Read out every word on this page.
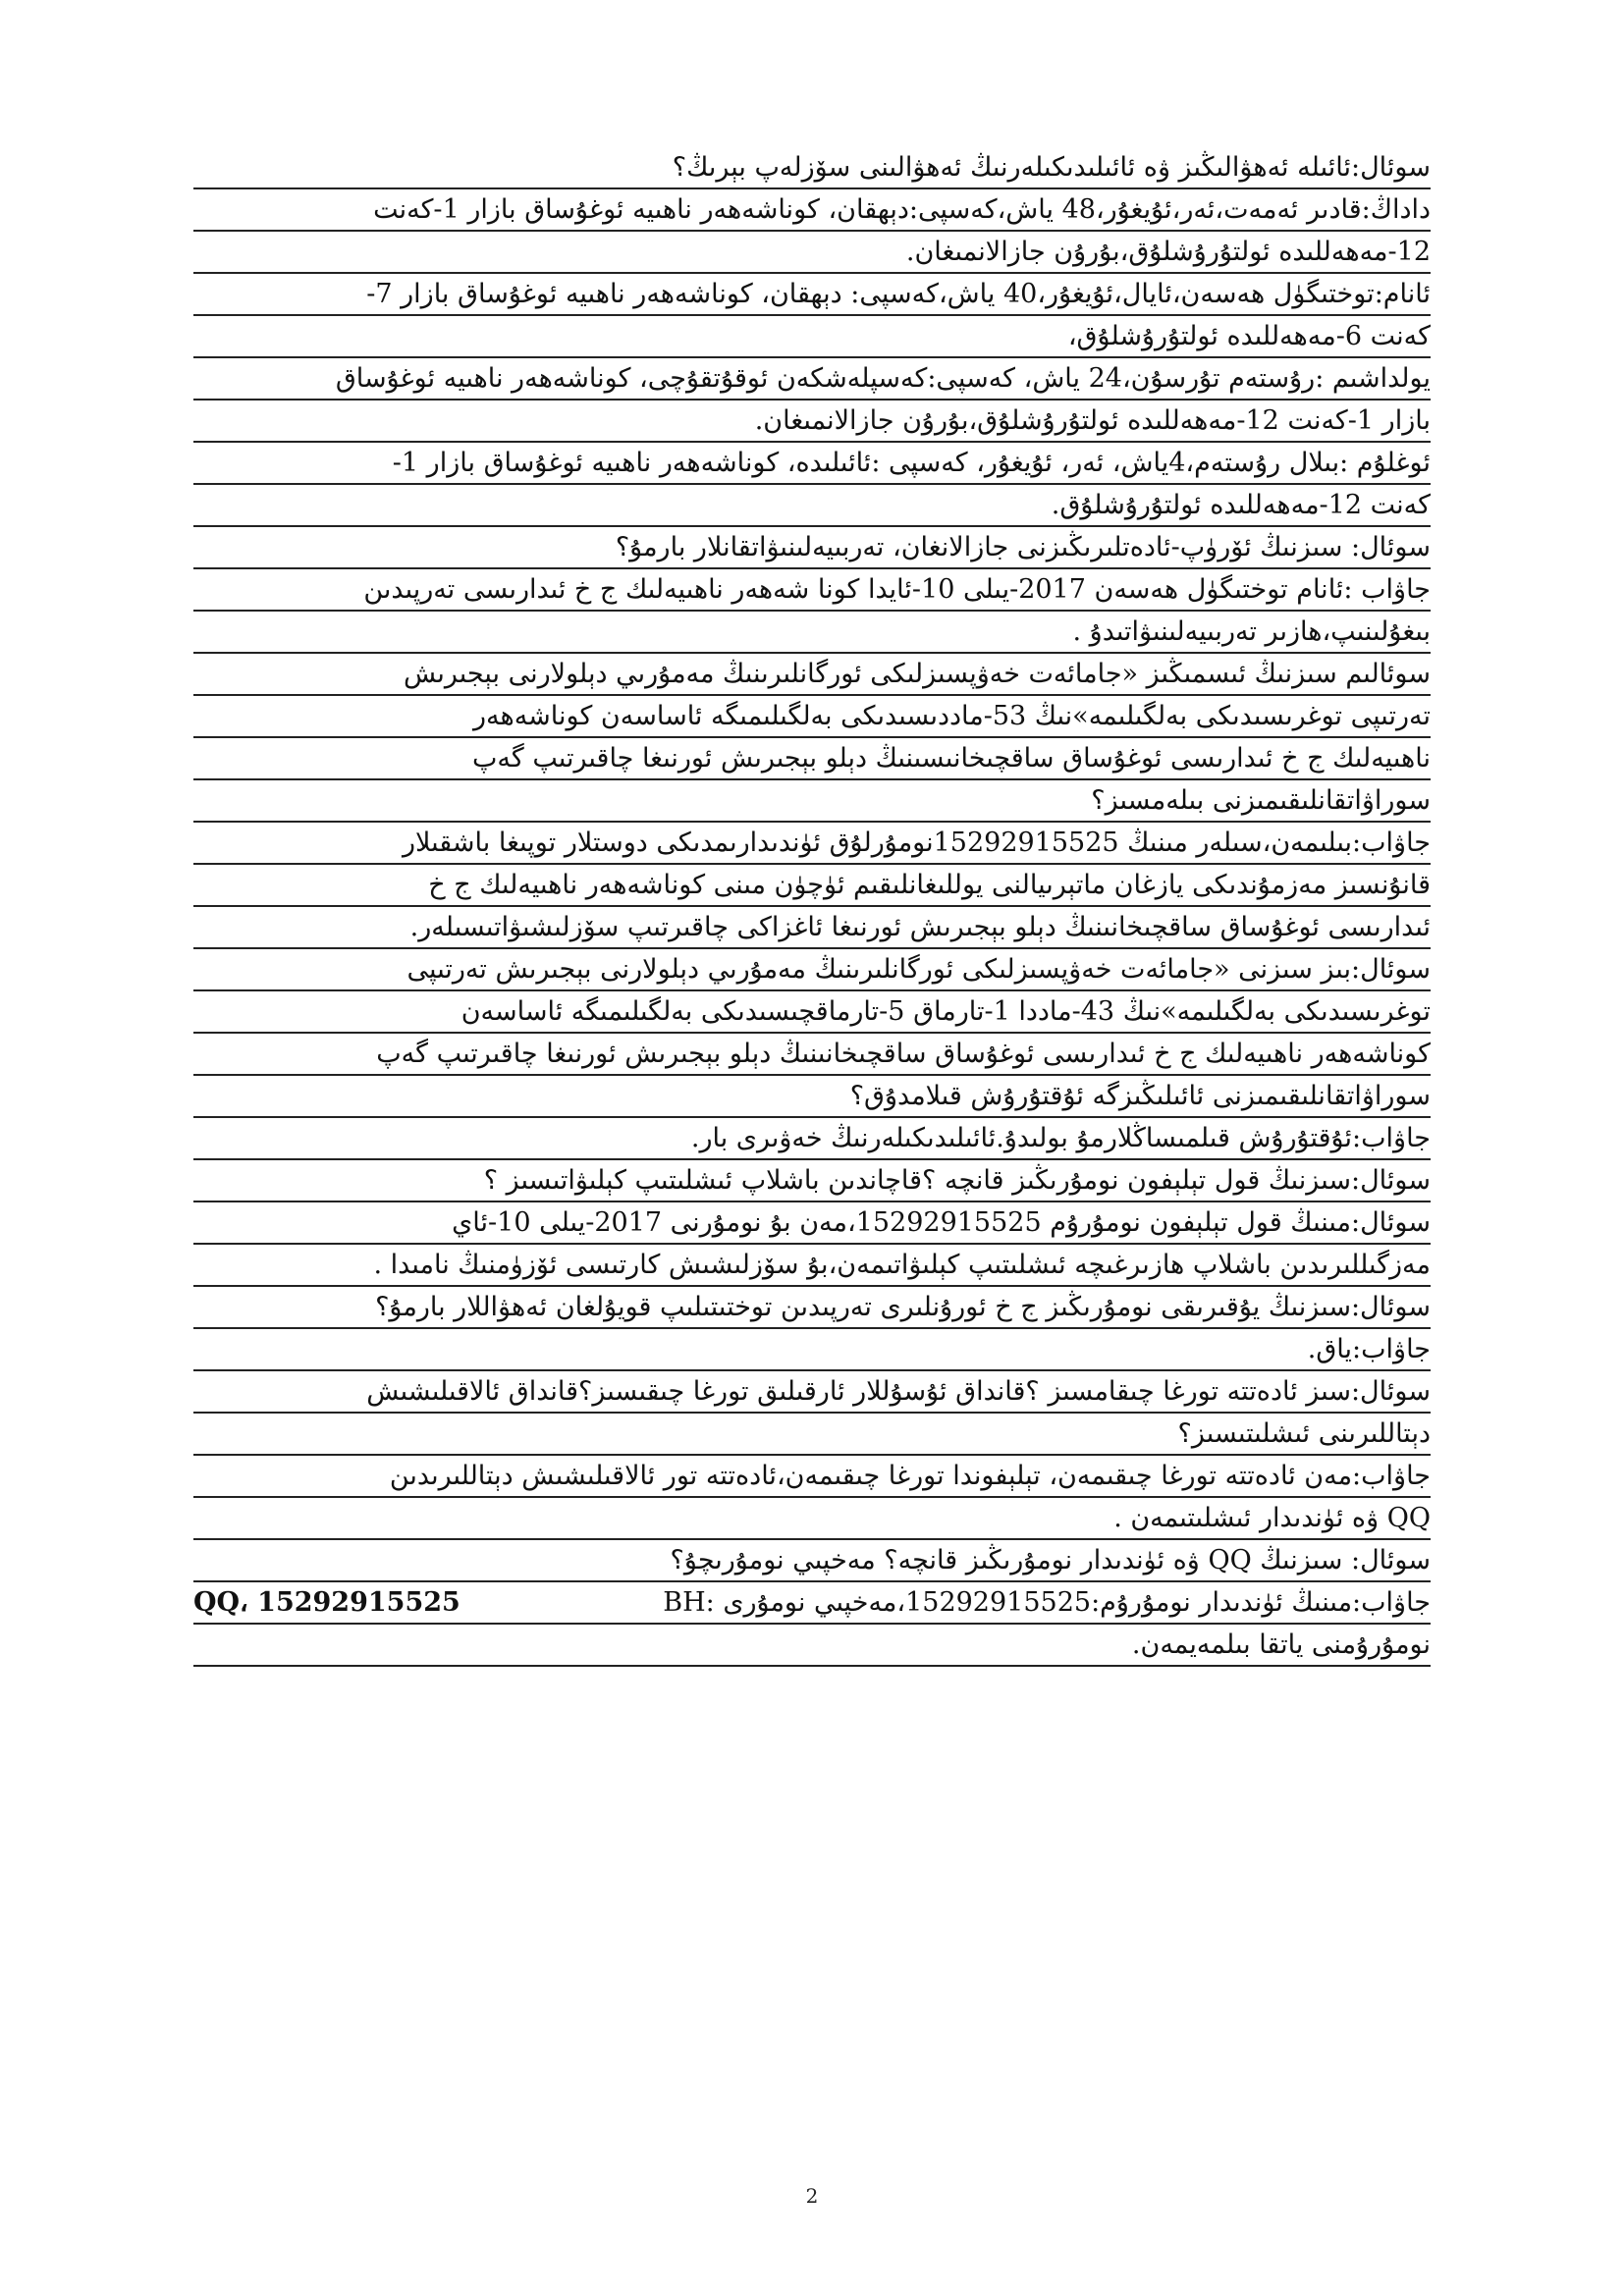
سوئال:ئائىلە ئەھۋالىڭىز ۋە ئائىلىدىكىلەرنىڭ ئەھۋالىنى سۆزلەپ بېرىڭ؟
داداڭ:قادىر ئەمەت،ئەر،ئۇيغۇر،48 ياش،كەسپى:دېھقان، كوناشەھەر ناھىيە ئوغۇساق بازار 1-كەنت
12-مەھەللىدە ئولتۇرۇشلۇق،بۇرۇن جازالانمىغان.
ئانام:توختىگۈل ھەسەن،ئايال،ئۇيغۇر،40 ياش،كەسپى: دېھقان، كوناشەھەر ناھىيە ئوغۇساق بازار 7-
كەنت 6-مەھەللىدە ئولتۇرۇشلۇق،
يولداشىم :رۇستەم تۇرسۇن،24 ياش، كەسپى:كەسپلەشكەن ئوقۇتقۇچى، كوناشەھەر ناھىيە ئوغۇساق
بازار 1-كەنت 12-مەھەللىدە ئولتۇرۇشلۇق،بۇرۇن جازالانمىغان.
ئوغلۇم :بىلال رۇستەم،4ياش، ئەر، ئۇيغۇر، كەسپى :ئائىلىدە، كوناشەھەر ناھىيە ئوغۇساق بازار 1-
كەنت 12-مەھەللىدە ئولتۇرۇشلۇق.
سوئال: سىزنىڭ ئۆرۈپ-ئادەتلىرىڭىزنى جازالانغان، تەربىيەلىنىۋاتقانلار بارمۇ؟
جاۋاب :ئانام توختىگۈل ھەسەن 2017-يىلى 10-ئايدا كونا شەھەر ناھىيەلىك ج خ ئىدارىسى تەرپىدىن
بىغۇلىنىپ،ھازىر تەربىيەلىنىۋاتىدۇ .
سوئالىم سىزنىڭ ئىسمىڭىز «جامائەت خەۋپسىزلىكى ئورگانلىرىنىڭ مەمۇرىي دېلولارنى بېجىرىش
تەرتىپى توغرىسىدىكى بەلگىلىمە»نىڭ 53-ماددىسىدىكى بەلگىلىمىگە ئاساسەن كوناشەھەر
ناھىيەلىك ج خ ئىدارىسى ئوغۇساق ساقچىخانىسىنىڭ دېلو بېجىرىش ئورنىغا چاقىرتىپ گەپ
سوراۋاتقانلىقىمىزنى بىلەمسىز؟
جاۋاب:بىلىمەن،سىلەر مىنىڭ 15292915525نومۇرلۇق ئۈندىدارىمدىكى دوستلار توپىغا باشقىلار
قانۇنسىز مەزمۇندىكى يازغان ماتېرىيالنى يوللىغانلىقىم ئۈچۈن مىنى كوناشەھەر ناھىيەلىك ج خ
ئىدارىسى ئوغۇساق ساقچىخانىنىڭ دېلو بېجىرىش ئورنىغا ئاغزاكى چاقىرتىپ سۆزلىشىۋاتىسىلەر.
سوئال:بىز سىزنى «جامائەت خەۋپسىزلىكى ئورگانلىرىنىڭ مەمۇرىي دېلولارنى بېجىرىش تەرتىپى
توغرىسىدىكى بەلگىلىمە»نىڭ 43-ماددا 1-تارماق 5-تارماقچىسىدىكى بەلگىلىمىگە ئاساسەن
كوناشەھەر ناھىيەلىك ج خ ئىدارىسى ئوغۇساق ساقچىخانىنىڭ دېلو بېجىرىش ئورنىغا چاقىرتىپ گەپ
سوراۋاتقانلىقىمىزنى ئائىلىڭىزگە ئۇقتۇرۇش قىلامدۇق؟
جاۋاب:ئۇقتۇرۇش قىلمىساڭلارمۇ بولىدۇ.ئائىلىدىكىلەرنىڭ خەۋىرى بار.
سوئال:سىزنىڭ قول تېلېفون نومۇرىڭىز قانچە ؟قاچاندىن باشلاپ ئىشلىتىپ كېلىۋاتىسىز ؟
سوئال:مىنىڭ قول تېلېفون نومۇرۇم 15292915525،مەن بۇ نومۇرنى 2017-يىلى 10-ئاي
مەزگىللىرىدىن باشلاپ ھازىرغىچە ئىشلىتىپ كېلىۋاتىمەن،بۇ سۆزلىشىش كارتىسى ئۆزۈمنىڭ نامىدا .
سوئال:سىزنىڭ يۇقىرىقى نومۇرىڭىز ج خ ئورۇنلىرى تەرپىدىن توختىتىلىپ قويۇلغان ئەھۋاللار بارمۇ؟
جاۋاب:ياق.
سوئال:سىز ئادەتتە تورغا چىقامسىز ؟قانداق ئۇسۇللار ئارقىلىق تورغا چىقىسىز؟قانداق ئالاقىلىشىش
دېتاللىرىنى ئىشلىتىسىز؟
جاۋاب:مەن ئادەتتە تورغا چىقىمەن، تېلېفوندا تورغا چىقىمەن،ئادەتتە تور ئالاقىلىشىش دېتاللىرىدىن
QQ ۋە ئۈندىدار ئىشلىتىمەن .
سوئال: سىزنىڭ QQ ۋە ئۈندىدار نومۇرىڭىز قانچە؟ مەخپىي نومۇرىچۇ؟
جاۋاب:مىنىڭ ئۈندىدار نومۇرۇم:15292915525،مەخپىي نومۇرى :BH
QQ، 15292915525
نومۇرۇمنى ياتقا بىلمەيمەن.
2
